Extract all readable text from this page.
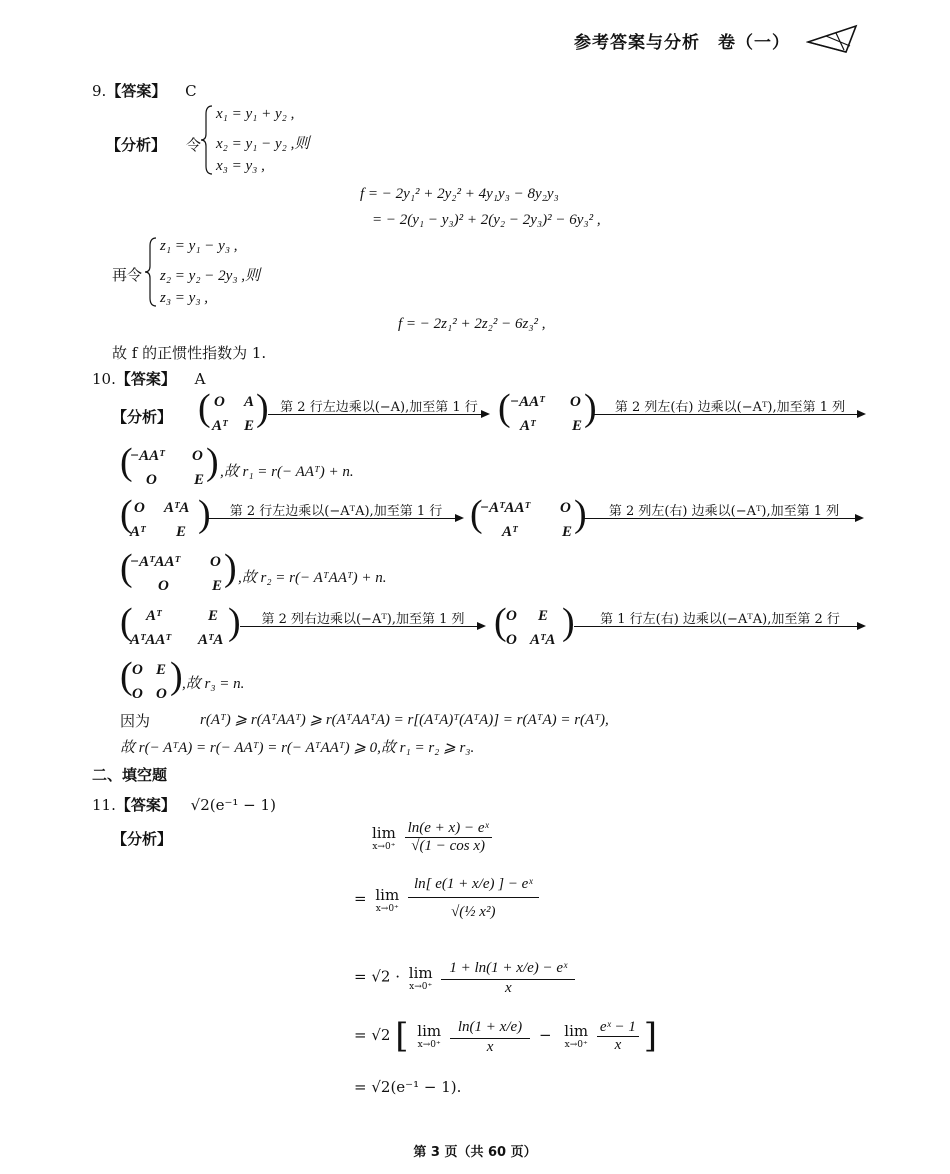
参考答案与分析　卷（一）
9.【答案】 C
【分析】 令
x₁ = y₁ + y₂ ,
x₂ = y₁ − y₂ ,则
x₃ = y₃ ,
f = − 2y₁² + 2y₂² + 4y₁y₃ − 8y₂y₃
= − 2(y₁ − y₃)² + 2(y₂ − 2y₃)² − 6y₃² ,
再令
z₁ = y₁ − y₃ ,
z₂ = y₂ − 2y₃ ,则
z₃ = y₃ ,
f = − 2z₁² + 2z₂² − 6z₃² ,
故 f 的正惯性指数为 1.
10.【答案】 A
【分析】 ( O A
Aᵀ E ) 第 2 行左边乘以(−A),加至第 1 行 ( −AAᵀ O
Aᵀ E )	第 2 列左(右) 边乘以(−Aᵀ),加至第 1 列
(
−AAᵀ O
O E ) ,故 r₁ = r(− AAᵀ) + n.
( O AᵀA
Aᵀ E )	第 2 行左边乘以(−AᵀA),加至第 1 行 (
−AᵀAAᵀ O
Aᵀ	E )	第 2 列左(右) 边乘以(−Aᵀ),加至第 1 列
(
−AᵀAAᵀ O
O	E ) ,故 r₂ = r(− AᵀAAᵀ) + n.
( Aᵀ	E
AᵀAAᵀ AᵀA )	第 2 列右边乘以(−Aᵀ),加至第 1 列 ( O E
O AᵀA )	第 1 行左(右) 边乘以(−AᵀA),加至第 2 行
( O E
O O ) ,故 r₃ = n.
因为	r(Aᵀ) ⩾ r(AᵀAAᵀ) ⩾ r(AᵀAAᵀA) = r[(AᵀA)ᵀ(AᵀA)] = r(AᵀA) = r(Aᵀ),
故 r(− AᵀA) = r(− AAᵀ) = r(− AᵀAAᵀ) ⩾ 0,故 r₁ = r₂ ⩾ r₃.
二、填空题
11.【答案】 √2(e⁻¹ − 1)
【分析】	lim
x→0⁺
$\frac{\text{ln(e + x) − eˣ}}{\text{√(1 − cos x)}}$
= lim
x→0⁺
$\frac{\text{ln[ e(1 + x/e) ] − eˣ}}{\text{√(½ x²)}}$
= √2 · lim
x→0⁺
$\frac{\text{1 + ln(1 + x/e) − eˣ}}{x}$
= √2 [ lim
x→0⁺
$\frac{\ln(1 + x/e)}{x} - \lim$
x→0⁺
$\frac{\text{eˣ − 1}}{x}$ ]
= √2(e⁻¹ − 1).
第 3 页（共 60 页）
